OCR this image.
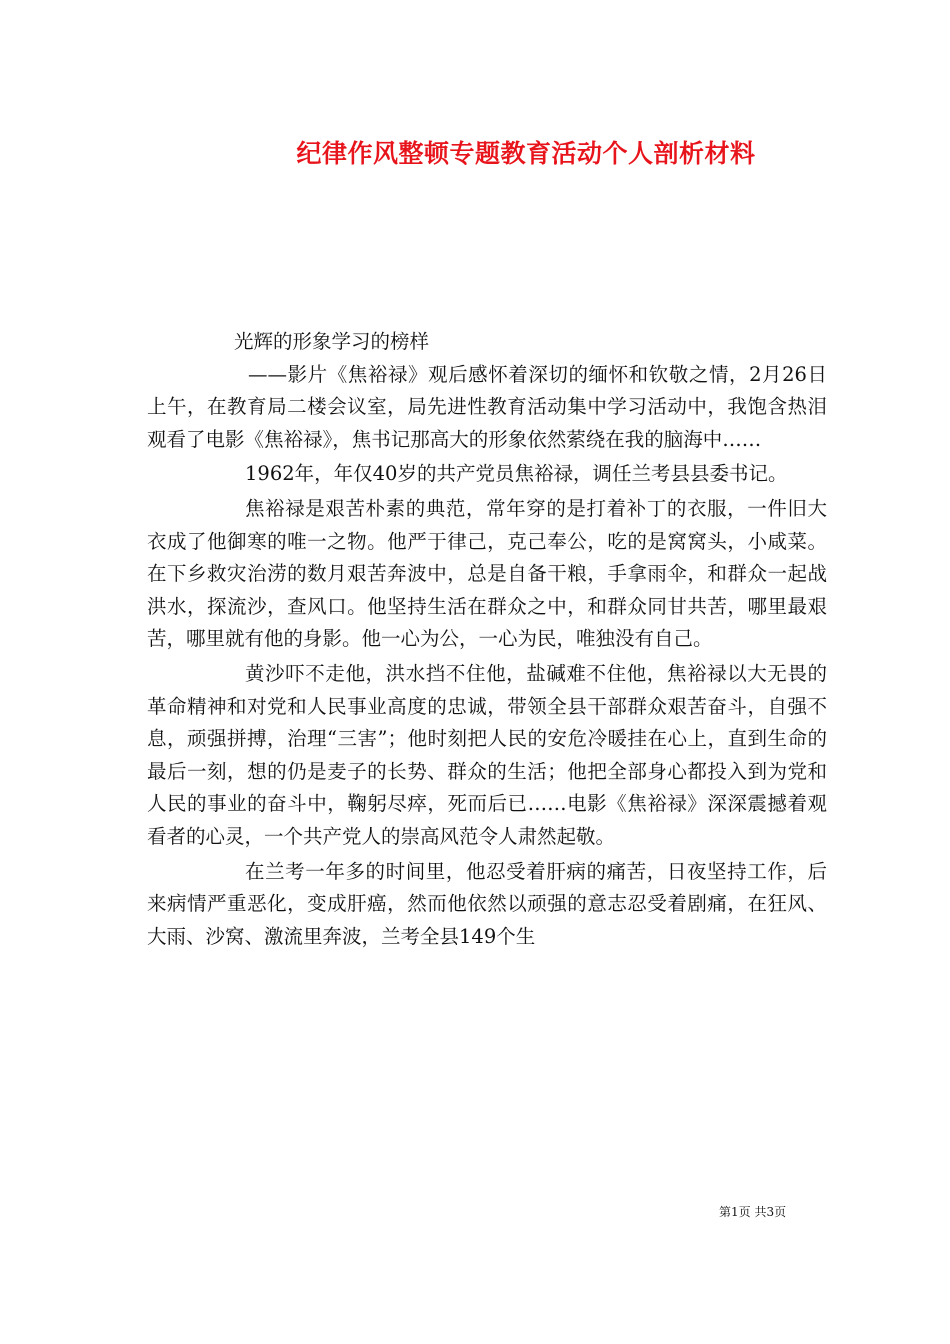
纪律作风整顿专题教育活动个人剖析材料

光辉的形象学习的榜样

——影片《焦裕禄》观后感怀着深切的缅怀和钦敬之情，2月26日上午，在教育局二楼会议室，局先进性教育活动集中学习活动中，我饱含热泪观看了电影《焦裕禄》，焦书记那高大的形象依然萦绕在我的脑海中……

1962年，年仅40岁的共产党员焦裕禄，调任兰考县县委书记。

焦裕禄是艰苦朴素的典范，常年穿的是打着补丁的衣服，一件旧大衣成了他御寒的唯一之物。他严于律己，克己奉公，吃的是窝窝头，小咸菜。在下乡救灾治涝的数月艰苦奔波中，总是自备干粮，手拿雨伞，和群众一起战洪水，探流沙，查风口。他坚持生活在群众之中，和群众同甘共苦，哪里最艰苦，哪里就有他的身影。他一心为公，一心为民，唯独没有自己。

黄沙吓不走他，洪水挡不住他，盐碱难不住他，焦裕禄以大无畏的革命精神和对党和人民事业高度的忠诚，带领全县干部群众艰苦奋斗，自强不息，顽强拼搏，治理“三害”；他时刻把人民的安危冷暖挂在心上，直到生命的最后一刻，想的仍是麦子的长势、群众的生活；他把全部身心都投入到为党和人民的事业的奋斗中，鞠躬尽瘁，死而后已……电影《焦裕禄》深深震撼着观看者的心灵，一个共产党人的崇高风范令人肃然起敬。

在兰考一年多的时间里，他忍受着肝病的痛苦，日夜坚持工作，后来病情严重恶化，变成肝癌，然而他依然以顽强的意志忍受着剧痛，在狂风、大雨、沙窝、激流里奔波，兰考全县149个生

第1页 共3页
